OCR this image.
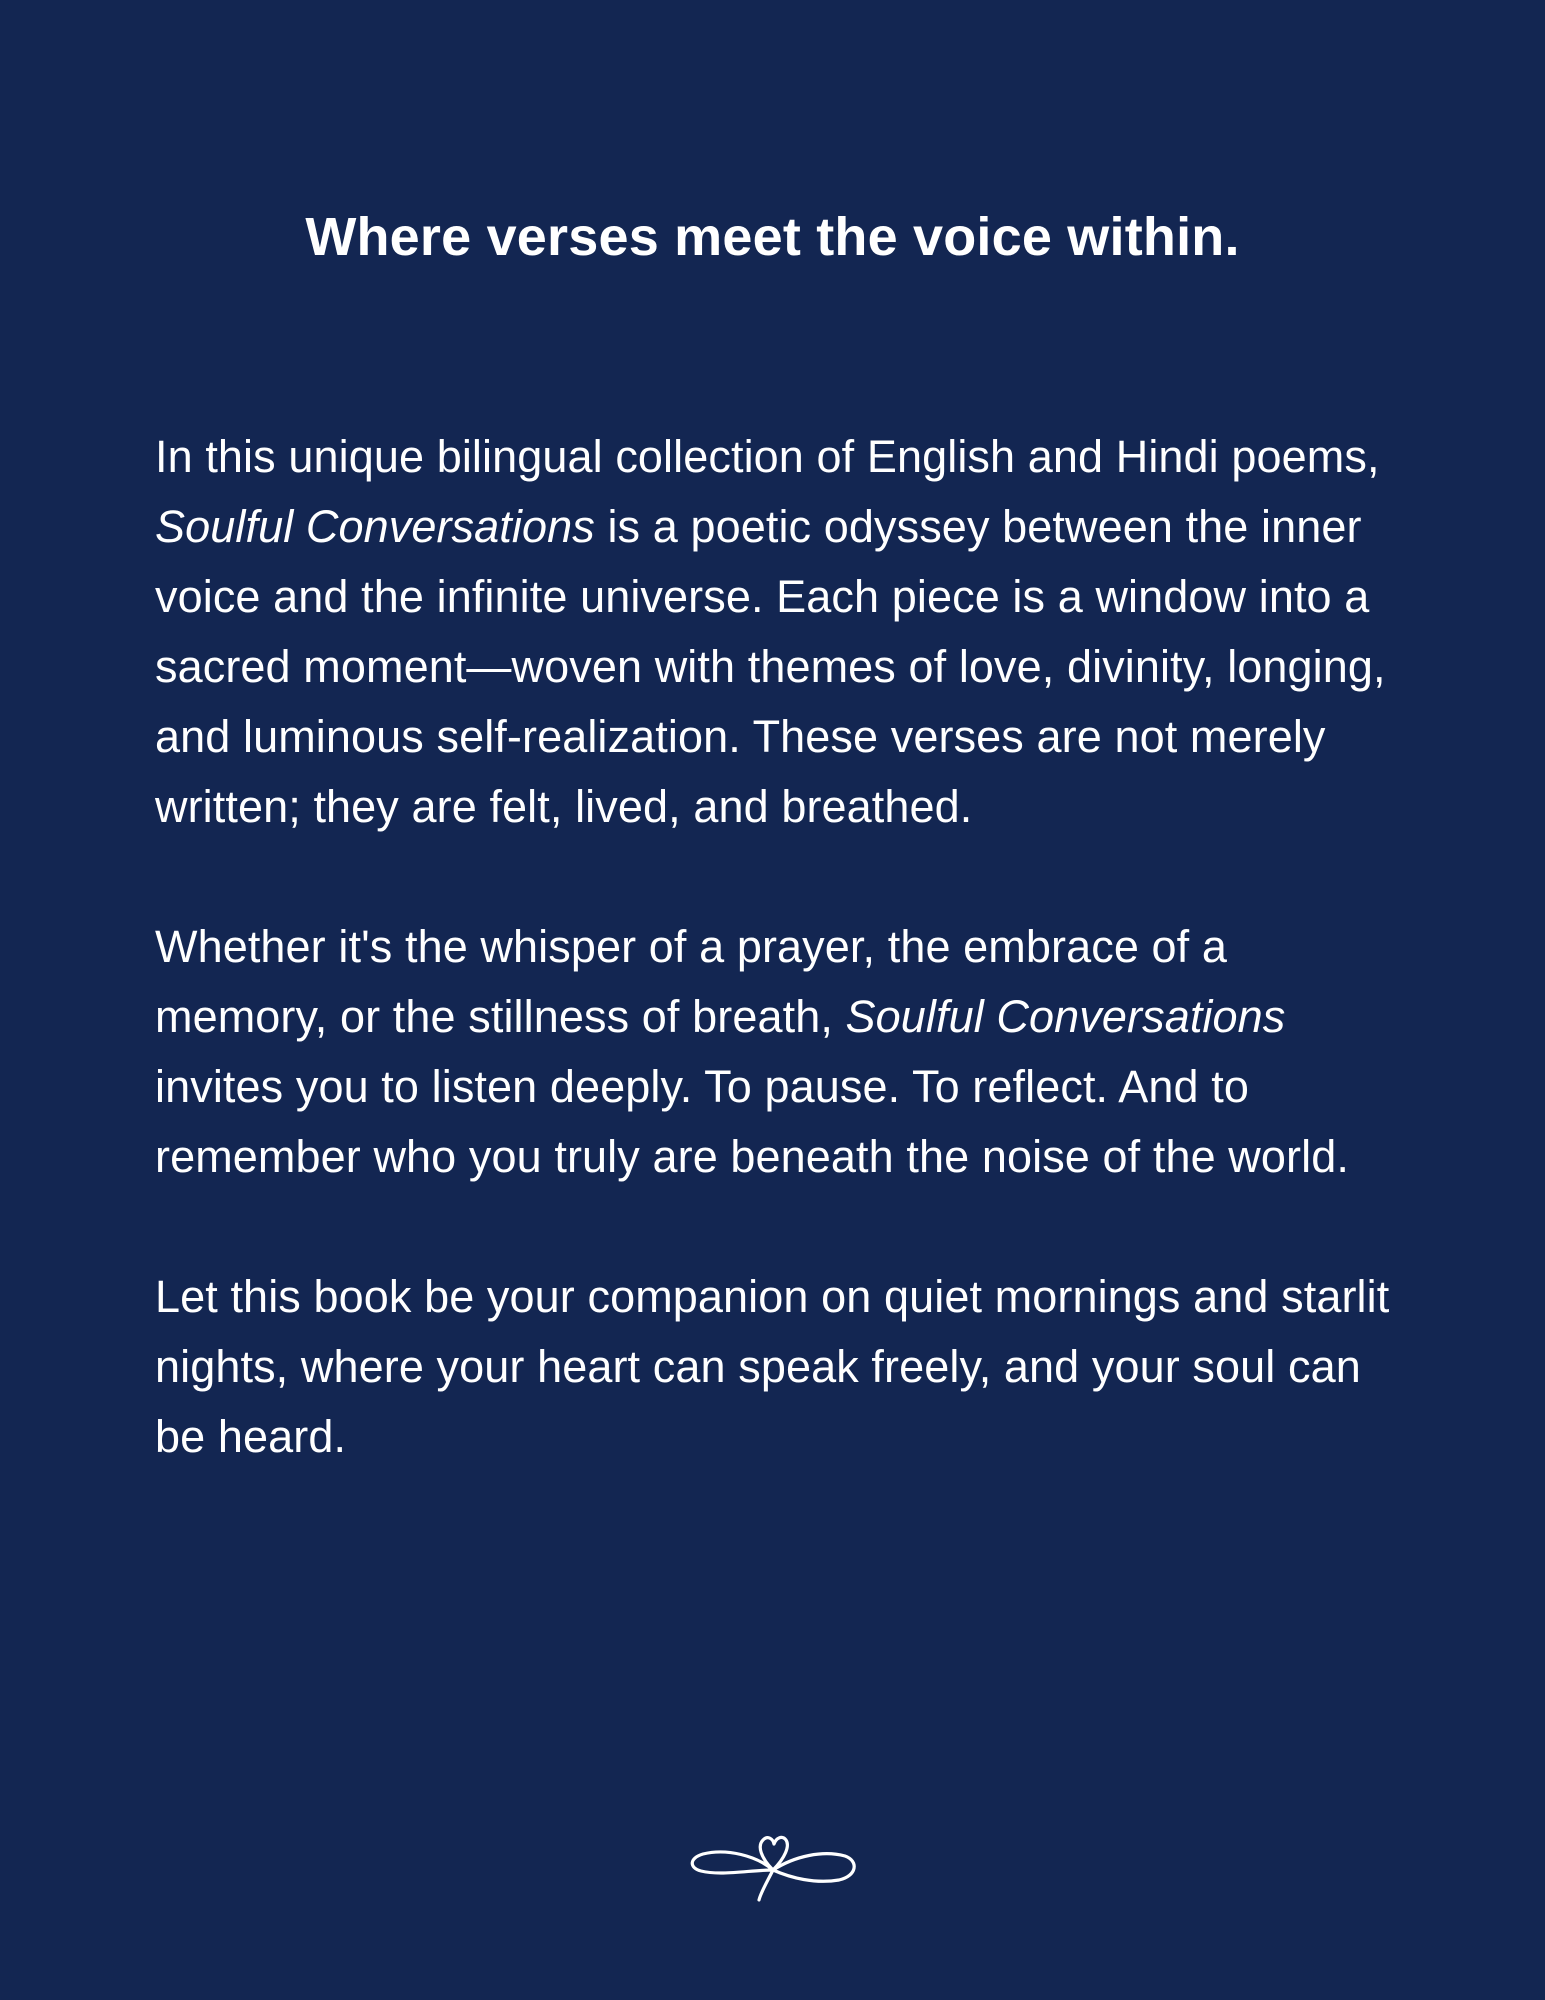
Where verses meet the voice within.

In this unique bilingual collection of English and Hindi poems, Soulful Conversations is a poetic odyssey between the inner voice and the infinite universe. Each piece is a window into a sacred moment—woven with themes of love, divinity, longing, and luminous self-realization. These verses are not merely written; they are felt, lived, and breathed.

Whether it's the whisper of a prayer, the embrace of a memory, or the stillness of breath, Soulful Conversations invites you to listen deeply. To pause. To reflect. And to remember who you truly are beneath the noise of the world.

Let this book be your companion on quiet mornings and starlit nights, where your heart can speak freely, and your soul can be heard.
